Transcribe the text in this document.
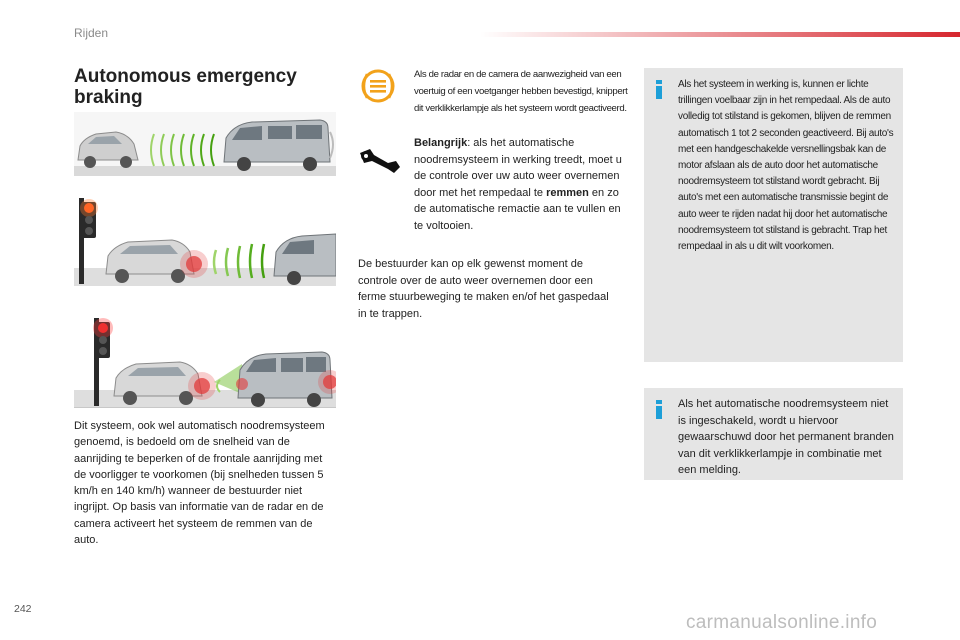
Rijden
Autonomous emergency braking

Dit systeem, ook wel automatisch noodremsysteem genoemd, is bedoeld om de snelheid van de aanrijding te beperken of de frontale aanrijding met de voorligger te voorkomen (bij snelheden tussen 5 km/h en 140 km/h) wanneer de bestuurder niet ingrijpt. Op basis van informatie van de radar en de camera activeert het systeem de remmen van de auto.

Als de radar en de camera de aanwezigheid van een voertuig of een voetganger hebben bevestigd, knippert dit verklikkerlampje als het systeem wordt geactiveerd.

Belangrijk: als het automatische noodremsysteem in werking treedt, moet u de controle over uw auto weer overnemen door met het rempedaal te remmen en zo de automatische remactie aan te vullen en te voltooien.

De bestuurder kan op elk gewenst moment de controle over de auto weer overnemen door een ferme stuurbeweging te maken en/of het gaspedaal in te trappen.

Als het systeem in werking is, kunnen er lichte trillingen voelbaar zijn in het rempedaal. Als de auto volledig tot stilstand is gekomen, blijven de remmen automatisch 1 tot 2 seconden geactiveerd. Bij auto's met een handgeschakelde versnellingsbak kan de motor afslaan als de auto door het automatische noodremsysteem tot stilstand wordt gebracht. Bij auto's met een automatische transmissie begint de auto weer te rijden nadat hij door het automatische noodremsysteem tot stilstand is gebracht. Trap het rempedaal in als u dit wilt voorkomen.

Als het automatische noodremsysteem niet is ingeschakeld, wordt u hiervoor gewaarschuwd door het permanent branden van dit verklikkerlampje in combinatie met een melding.

242
carmanualsonline.info
